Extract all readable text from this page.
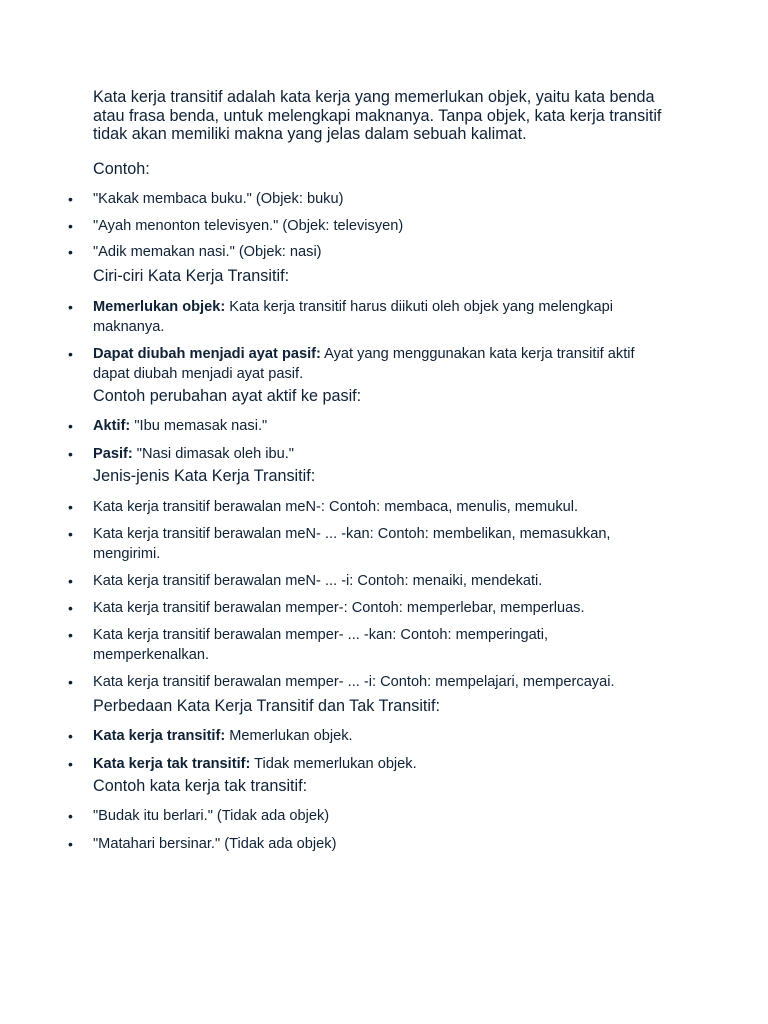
Kata kerja transitif adalah kata kerja yang memerlukan objek, yaitu kata benda atau frasa benda, untuk melengkapi maknanya. Tanpa objek, kata kerja transitif tidak akan memiliki makna yang jelas dalam sebuah kalimat.

Contoh:

• "Kakak membaca buku." (Objek: buku)
• "Ayah menonton televisyen." (Objek: televisyen)
• "Adik memakan nasi." (Objek: nasi)

Ciri-ciri Kata Kerja Transitif:

• Memerlukan objek: Kata kerja transitif harus diikuti oleh objek yang melengkapi maknanya.
• Dapat diubah menjadi ayat pasif: Ayat yang menggunakan kata kerja transitif aktif dapat diubah menjadi ayat pasif.

Contoh perubahan ayat aktif ke pasif:

• Aktif: "Ibu memasak nasi."
• Pasif: "Nasi dimasak oleh ibu."

Jenis-jenis Kata Kerja Transitif:

• Kata kerja transitif berawalan meN-: Contoh: membaca, menulis, memukul.
• Kata kerja transitif berawalan meN- ... -kan: Contoh: membelikan, memasukkan, mengirimi.
• Kata kerja transitif berawalan meN- ... -i: Contoh: menaiki, mendekati.
• Kata kerja transitif berawalan memper-: Contoh: memperlebar, memperluas.
• Kata kerja transitif berawalan memper- ... -kan: Contoh: memperingati, memperkenalkan.
• Kata kerja transitif berawalan memper- ... -i: Contoh: mempelajari, mempercayai.

Perbedaan Kata Kerja Transitif dan Tak Transitif:

• Kata kerja transitif: Memerlukan objek.
• Kata kerja tak transitif: Tidak memerlukan objek.

Contoh kata kerja tak transitif:

• "Budak itu berlari." (Tidak ada objek)
• "Matahari bersinar." (Tidak ada objek)
